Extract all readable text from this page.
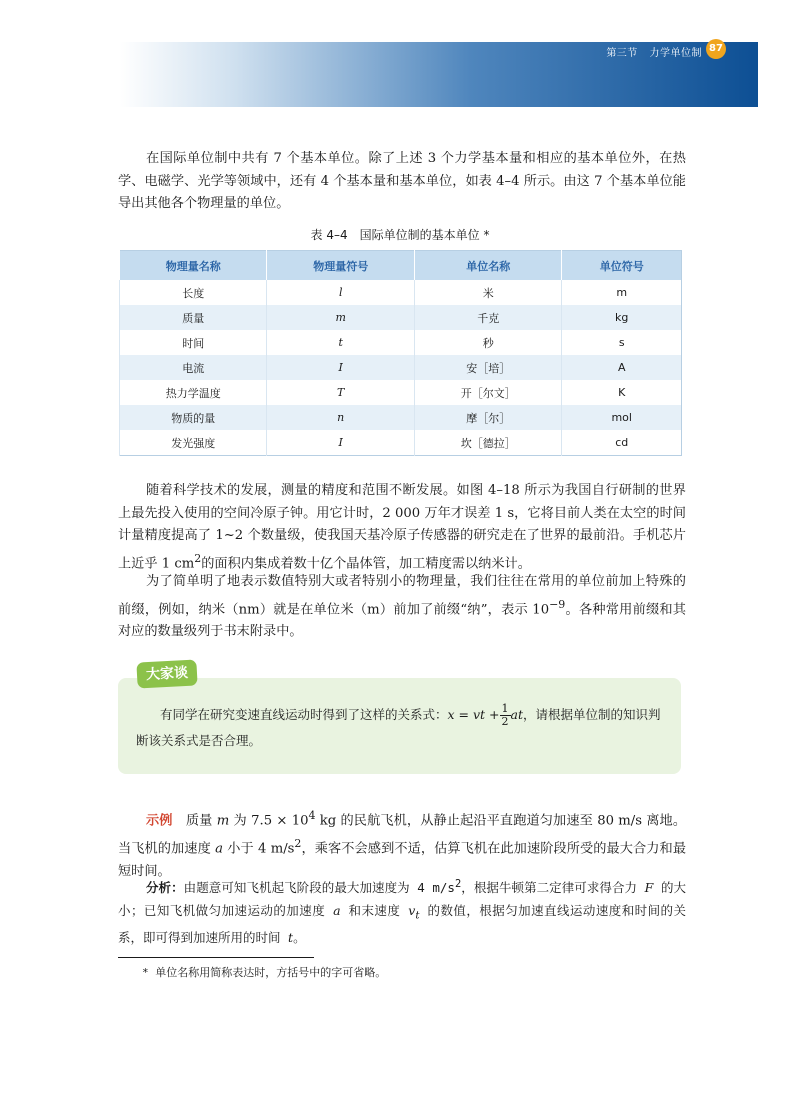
第三节 力学单位制 87

在国际单位制中共有 7 个基本单位。除了上述 3 个力学基本量和相应的基本单位外，在热学、电磁学、光学等领域中，还有 4 个基本量和基本单位，如表 4–4 所示。由这 7 个基本单位能导出其他各个物理量的单位。

表 4–4　国际单位制的基本单位 *
物理量名称	物理量符号	单位名称	单位符号
长度	l	米	m
质量	m	千克	kg
时间	t	秒	s
电流	I	安［培］	A
热力学温度	T	开［尔文］	K
物质的量	n	摩［尔］	mol
发光强度	I	坎［德拉］	cd

随着科学技术的发展，测量的精度和范围不断发展。如图 4–18 所示为我国自行研制的世界上最先投入使用的空间冷原子钟。用它计时，2 000 万年才误差 1 s，它将目前人类在太空的时间计量精度提高了 1~2 个数量级，使我国天基冷原子传感器的研究走在了世界的最前沿。手机芯片上近乎 1 $cm^2$的面积内集成着数十亿个晶体管，加工精度需以纳米计。

为了简单明了地表示数值特别大或者特别小的物理量，我们往往在常用的单位前加上特殊的前缀，例如，纳米（nm）就是在单位米（m）前加了前缀“纳”，表示 $10^{-9}$。各种常用前缀和其对应的数量级列于书末附录中。

大家谈
有同学在研究变速直线运动时得到了这样的关系式：x = vt + $\frac{1}{2}$ at，请根据单位制的知识判断该关系式是否合理。

示例　 质量 m 为 $7.5 \times 10^4$ kg 的民航飞机，从静止起沿平直跑道匀加速至 80 m/s 离地。当飞机的加速度 a 小于 4 $m/s^2$，乘客不会感到不适，估算飞机在此加速阶段所受的最大合力和最短时间。

分析：由题意可知飞机起飞阶段的最大加速度为 4 $m/s^2$，根据牛顿第二定律可求得合力 F 的大小；已知飞机做匀加速运动的加速度 a 和末速度 $v_t$ 的数值，根据匀加速直线运动速度和时间的关系，即可得到加速所用的时间 t。

* 单位名称用简称表达时，方括号中的字可省略。
